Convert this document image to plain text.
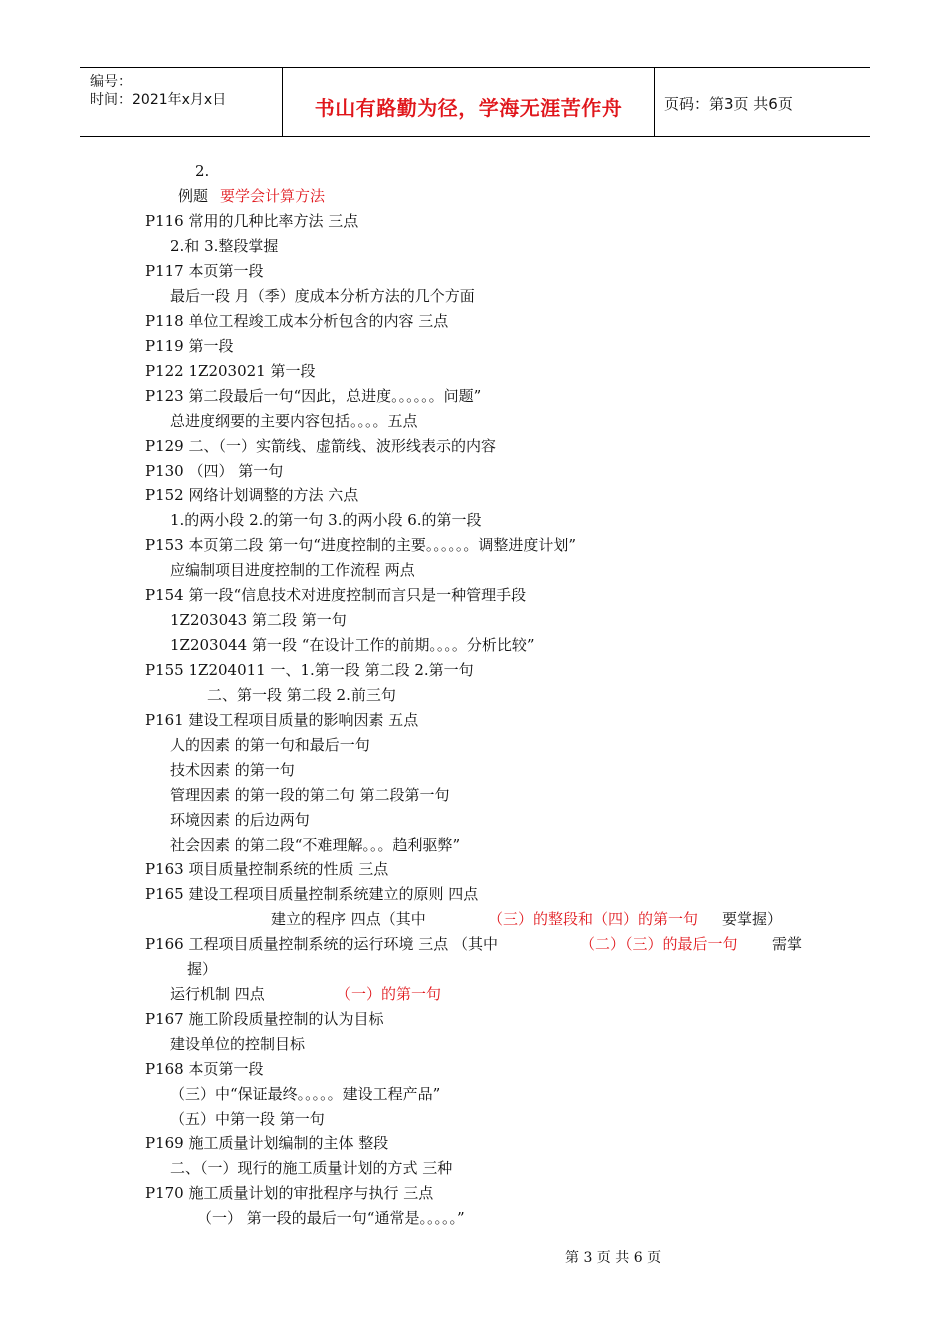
编号：
时间：2021年x月x日	书山有路勤为径，学海无涯苦作舟	页码：第3页 共6页
2.
例题 要学会计算方法
P116 常用的几种比率方法 三点
2.和 3.整段掌握
P117 本页第一段
最后一段 月（季）度成本分析方法的几个方面
P118 单位工程竣工成本分析包含的内容 三点
P119 第一段
P122 1Z203021 第一段
P123 第二段最后一句“因此，总进度。。。。。。问题”
总进度纲要的主要内容包括。。。。五点
P129 二、（一）实箭线、虚箭线、波形线表示的内容
P130 （四） 第一句
P152 网络计划调整的方法 六点
1.的两小段 2.的第一句 3.的两小段 6.的第一段
P153 本页第二段 第一句“进度控制的主要。。。。。。调整进度计划”
应编制项目进度控制的工作流程 两点
P154 第一段“信息技术对进度控制而言只是一种管理手段
1Z203043 第二段 第一句
1Z203044 第一段 “在设计工作的前期。。。。分析比较”
P155 1Z204011 一、1.第一段 第二段 2.第一句
二、第一段 第二段 2.前三句
P161 建设工程项目质量的影响因素 五点
人的因素 的第一句和最后一句
技术因素 的第一句
管理因素 的第一段的第二句 第二段第一句
环境因素 的后边两句
社会因素 的第二段“不难理解。。。趋利驱弊”
P163 项目质量控制系统的性质 三点
P165 建设工程项目质量控制系统建立的原则 四点
建立的程序 四点（其中	（三）的整段和（四）的第一句 要掌握）
P166 工程项目质量控制系统的运行环境 三点 （其中	（二）（三）的最后一句 需掌
握）
运行机制 四点	（一）的第一句
P167 施工阶段质量控制的认为目标
建设单位的控制目标
P168 本页第一段
（三）中“保证最终。。。。。建设工程产品”
（五）中第一段 第一句
P169 施工质量计划编制的主体 整段
二、（一）现行的施工质量计划的方式 三种
P170 施工质量计划的审批程序与执行 三点
（一） 第一段的最后一句“通常是。。。。。”
第 3 页 共 6 页
